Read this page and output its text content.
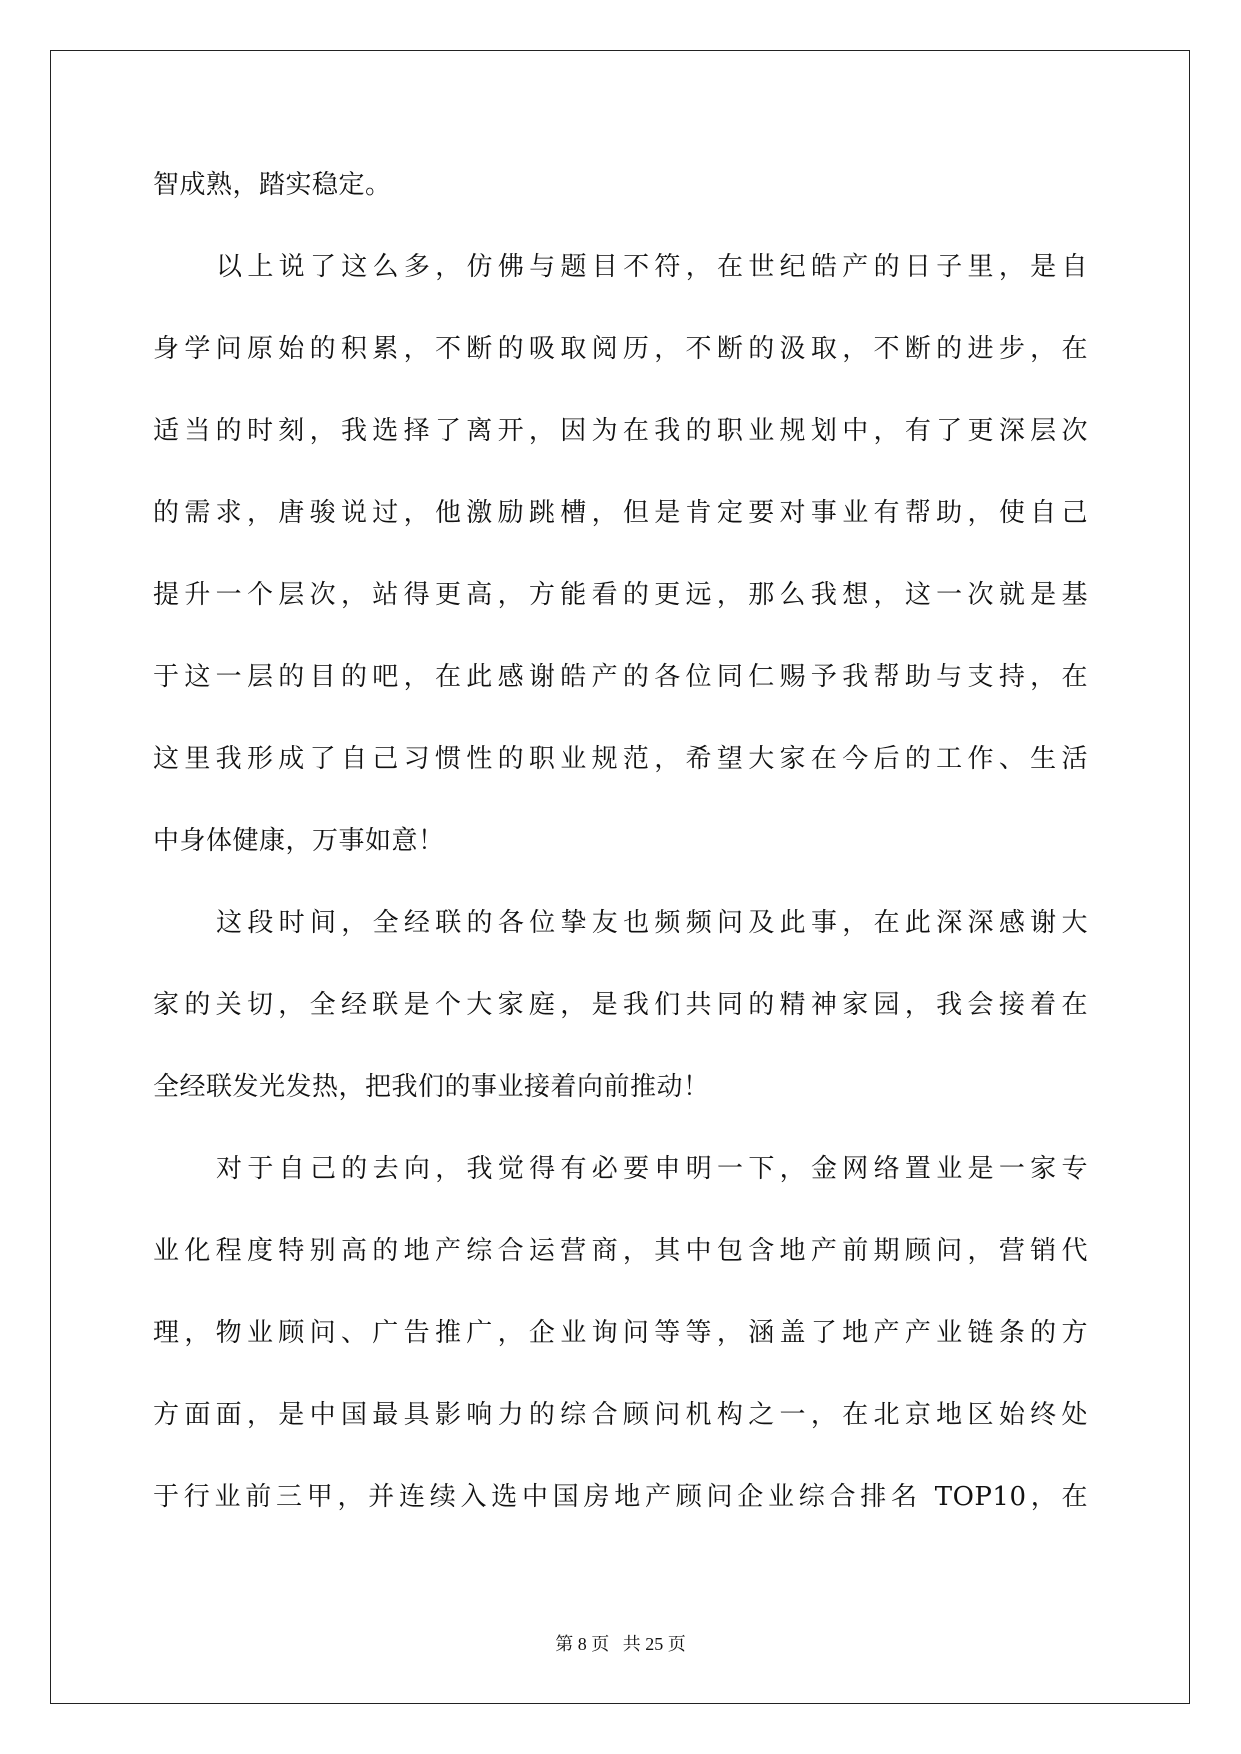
智成熟，踏实稳定。
以上说了这么多，仿佛与题目不符，在世纪皓产的日子里，是自
身学问原始的积累，不断的吸取阅历，不断的汲取，不断的进步，在
适当的时刻，我选择了离开，因为在我的职业规划中，有了更深层次
的需求，唐骏说过，他激励跳槽，但是肯定要对事业有帮助，使自己
提升一个层次，站得更高，方能看的更远，那么我想，这一次就是基
于这一层的目的吧，在此感谢皓产的各位同仁赐予我帮助与支持，在
这里我形成了自己习惯性的职业规范，希望大家在今后的工作、生活
中身体健康，万事如意！
这段时间，全经联的各位挚友也频频问及此事，在此深深感谢大
家的关切，全经联是个大家庭，是我们共同的精神家园，我会接着在
全经联发光发热，把我们的事业接着向前推动！
对于自己的去向，我觉得有必要申明一下，金网络置业是一家专
业化程度特别高的地产综合运营商，其中包含地产前期顾问，营销代
理，物业顾问、广告推广，企业询问等等，涵盖了地产产业链条的方
方面面，是中国最具影响力的综合顾问机构之一，在北京地区始终处
于行业前三甲，并连续入选中国房地产顾问企业综合排名 TOP10，在
第 8 页   共 25 页
